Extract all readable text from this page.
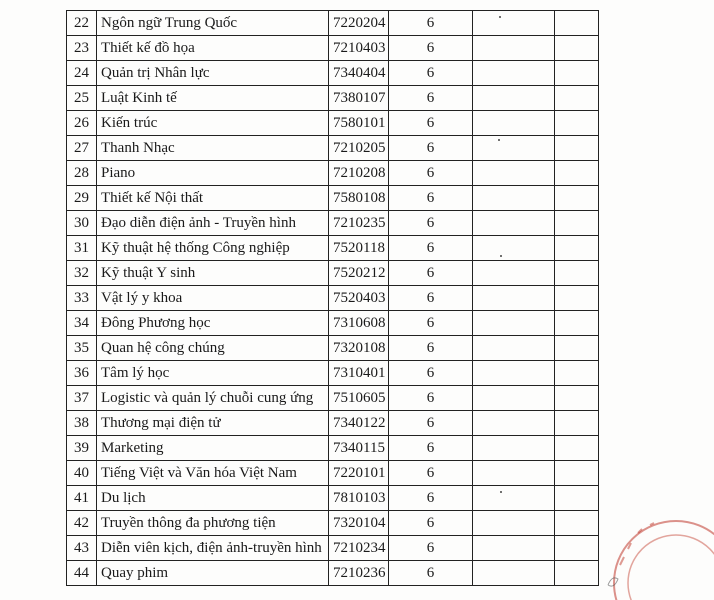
22	Ngôn ngữ Trung Quốc	7220204	6		
23	Thiết kế đồ họa	7210403	6		
24	Quản trị Nhân lực	7340404	6		
25	Luật Kinh tế	7380107	6		
26	Kiến trúc	7580101	6		
27	Thanh Nhạc	7210205	6		
28	Piano	7210208	6		
29	Thiết kế Nội thất	7580108	6		
30	Đạo diễn điện ảnh - Truyền hình	7210235	6		
31	Kỹ thuật hệ thống Công nghiệp	7520118	6		
32	Kỹ thuật Y sinh	7520212	6		
33	Vật lý y khoa	7520403	6		
34	Đông Phương học	7310608	6		
35	Quan hệ công chúng	7320108	6		
36	Tâm lý học	7310401	6		
37	Logistic và quản lý chuỗi cung ứng	7510605	6		
38	Thương mại điện tử	7340122	6		
39	Marketing	7340115	6		
40	Tiếng Việt và Văn hóa Việt Nam	7220101	6		
41	Du lịch	7810103	6		
42	Truyền thông đa phương tiện	7320104	6		
43	Diễn viên kịch, điện ảnh-truyền hình	7210234	6		
44	Quay phim	7210236	6		
